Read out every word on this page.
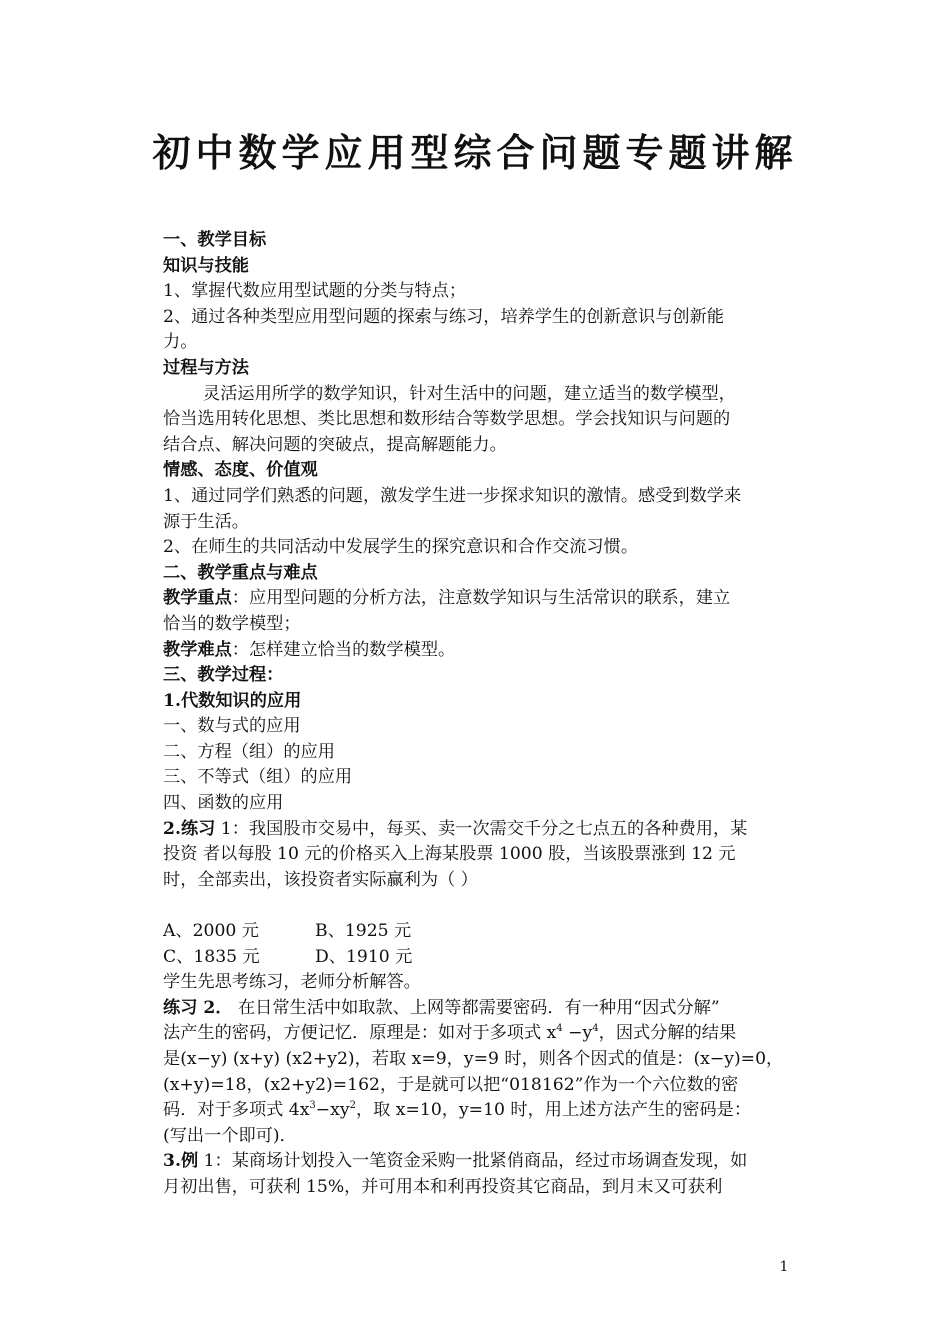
初中数学应用型综合问题专题讲解
一、教学目标
知识与技能
1、掌握代数应用型试题的分类与特点；
2、通过各种类型应用型问题的探索与练习，培养学生的创新意识与创新能
力。
过程与方法
灵活运用所学的数学知识，针对生活中的问题，建立适当的数学模型，
恰当选用转化思想、类比思想和数形结合等数学思想。学会找知识与问题的
结合点、解决问题的突破点，提高解题能力。
情感、态度、价值观
1、通过同学们熟悉的问题，激发学生进一步探求知识的激情。感受到数学来
源于生活。
2、在师生的共同活动中发展学生的探究意识和合作交流习惯。
二、教学重点与难点
教学重点：应用型问题的分析方法，注意数学知识与生活常识的联系，建立
恰当的数学模型；
教学难点：怎样建立恰当的数学模型。
三、教学过程：
1.代数知识的应用
一、数与式的应用
二、方程（组）的应用
三、不等式（组）的应用
四、函数的应用
2.练习 1：我国股市交易中，每买、卖一次需交千分之七点五的各种费用，某
投资 者以每股 10 元的价格买入上海某股票 1000 股，当该股票涨到 12 元
时，全部卖出，该投资者实际赢利为（ ）
A、2000 元	B、1925 元
C、1835 元	D、1910 元
学生先思考练习，老师分析解答。
练习 2． 在日常生活中如取款、上网等都需要密码．有一种用“因式分解”
法产生的密码，方便记忆．原理是：如对于多项式 $x^4 -y^4$，因式分解的结果
是(x−y) (x+y) (x2+y2)，若取 x=9，y=9 时，则各个因式的值是：(x−y)=0，
(x+y)=18，(x2+y2)=162，于是就可以把“018162”作为一个六位数的密
码．对于多项式 $4x^3-xy^2$，取 x=10，y=10 时，用上述方法产生的密码是：
(写出一个即可)．
3.例 1：某商场计划投入一笔资金采购一批紧俏商品，经过市场调查发现，如
月初出售，可获利 15%，并可用本和利再投资其它商品，到月末又可获利
1
